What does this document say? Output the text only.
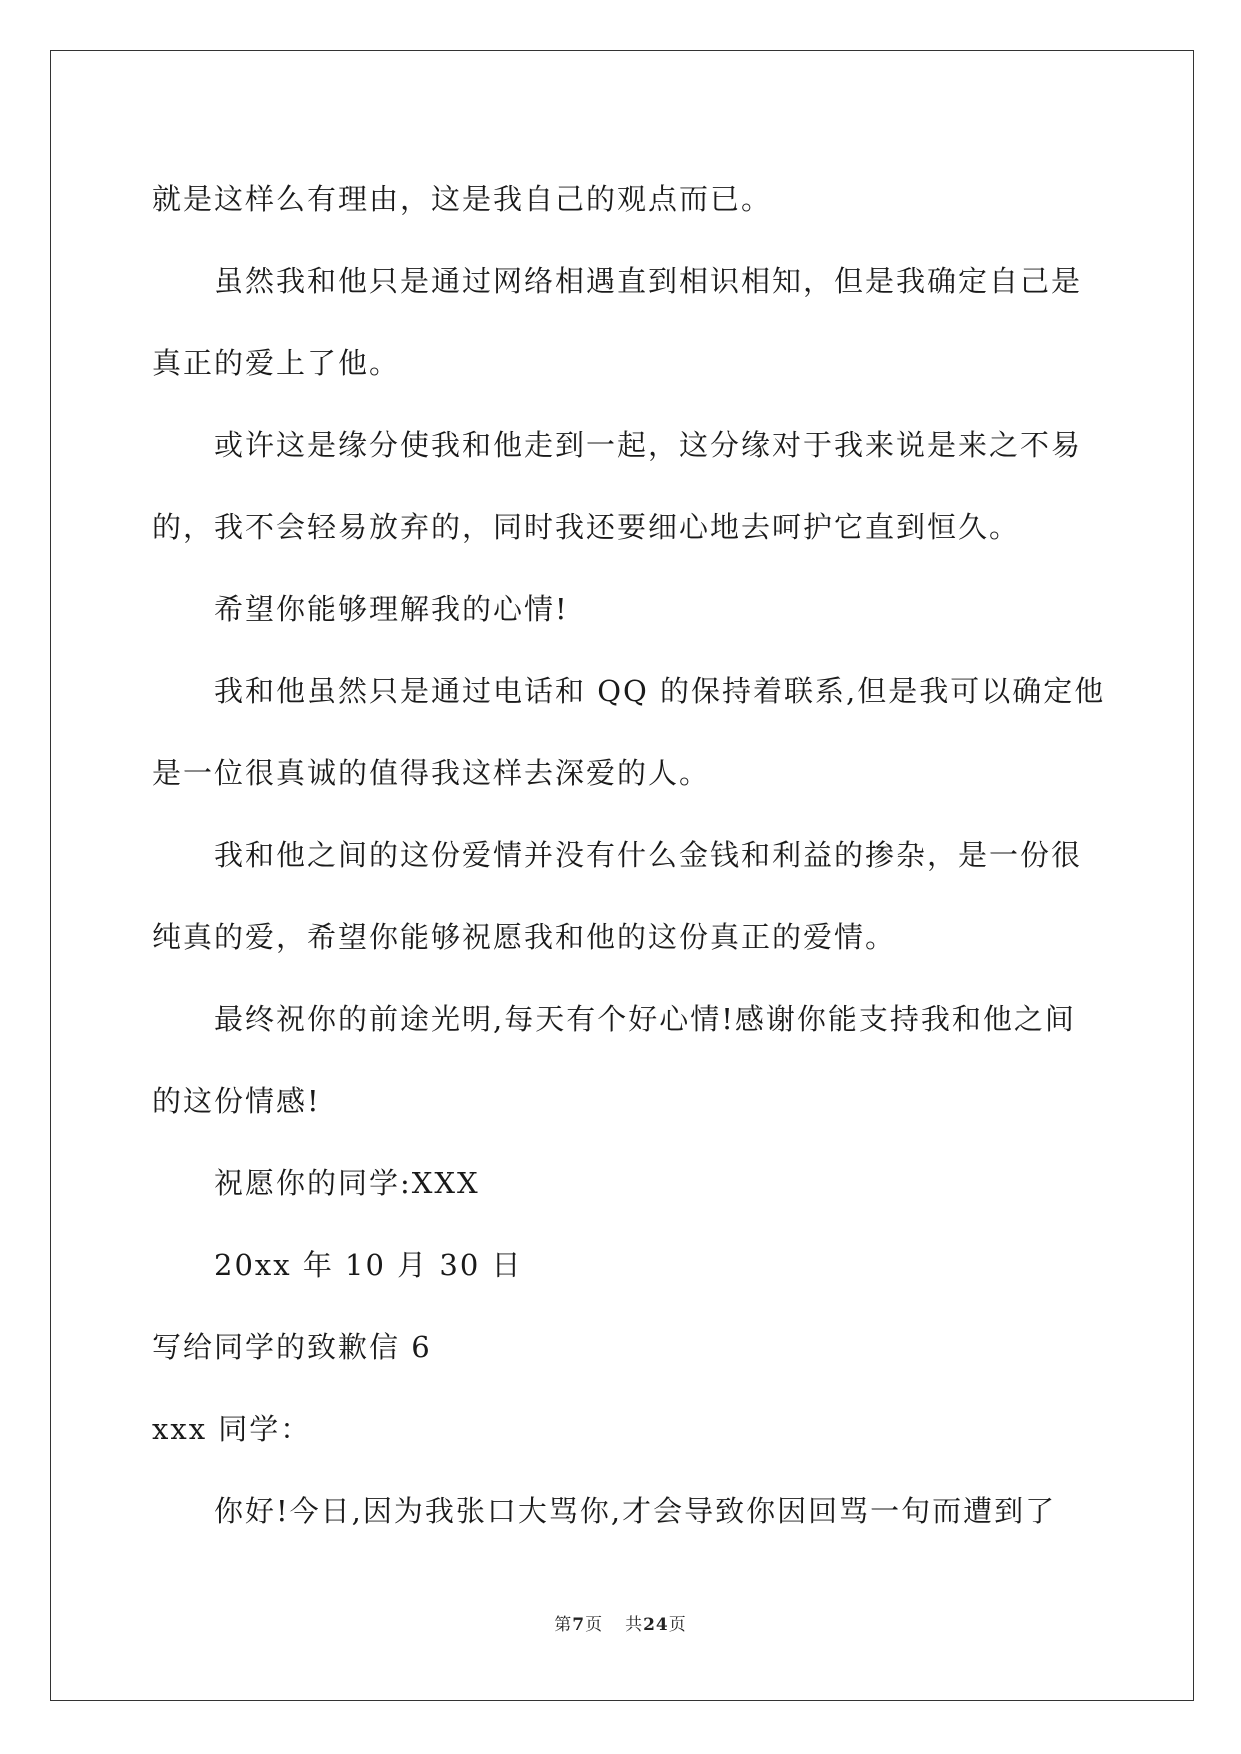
就是这样么有理由，这是我自己的观点而已。

虽然我和他只是通过网络相遇直到相识相知，但是我确定自己是

真正的爱上了他。

或许这是缘分使我和他走到一起，这分缘对于我来说是来之不易

的，我不会轻易放弃的，同时我还要细心地去呵护它直到恒久。

希望你能够理解我的心情!

我和他虽然只是通过电话和 QQ 的保持着联系,但是我可以确定他

是一位很真诚的值得我这样去深爱的人。

我和他之间的这份爱情并没有什么金钱和利益的掺杂，是一份很

纯真的爱，希望你能够祝愿我和他的这份真正的爱情。

最终祝你的前途光明,每天有个好心情!感谢你能支持我和他之间

的这份情感!

祝愿你的同学:XXX

20xx 年 10 月 30 日

写给同学的致歉信 6

xxx 同学：

你好!今日,因为我张口大骂你,才会导致你因回骂一句而遭到了

第7页 共24页
